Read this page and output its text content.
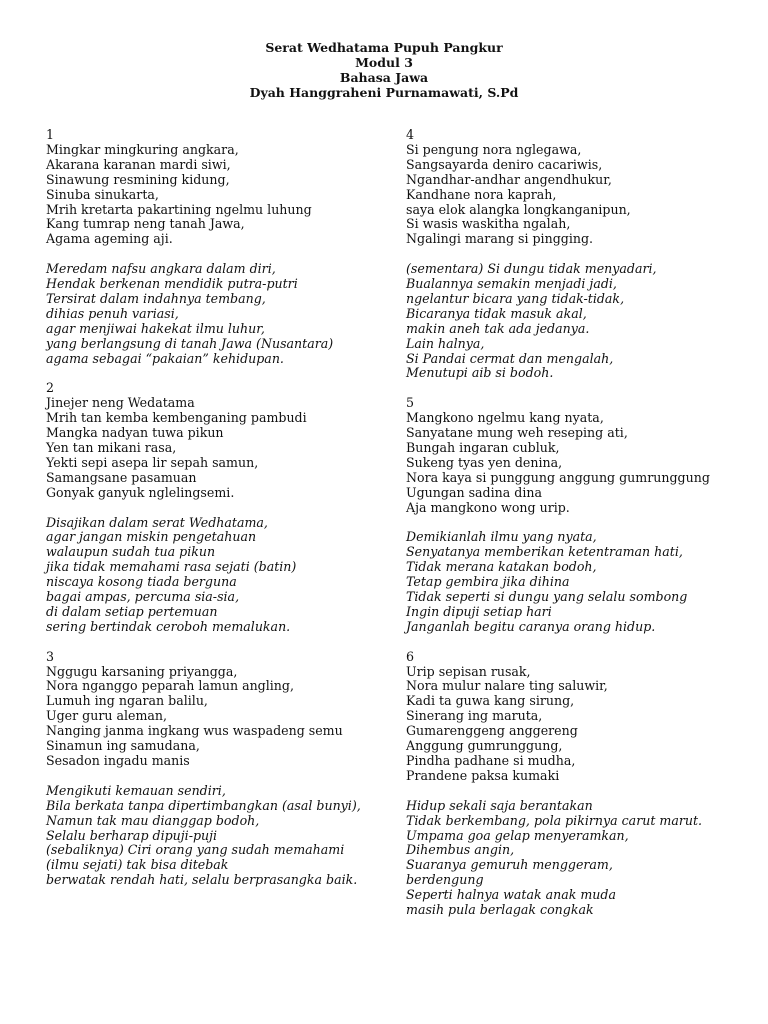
Serat Wedhatama Pupuh Pangkur
Modul 3
Bahasa Jawa
Dyah Hanggraheni Purnamawati, S.Pd
1
Mingkar mingkuring angkara,
Akarana karanan mardi siwi,
Sinawung resmining kidung,
Sinuba sinukarta,
Mrih kretarta pakartining ngelmu luhung
Kang tumrap neng tanah Jawa,
Agama ageming aji.
Meredam nafsu angkara dalam diri,
Hendak berkenan mendidik putra-putri
Tersirat dalam indahnya tembang,
dihias penuh variasi,
agar menjiwai hakekat ilmu luhur,
yang berlangsung di tanah Jawa (Nusantara)
agama sebagai “pakaian” kehidupan.
2
Jinejer neng Wedatama
Mrih tan kemba kembenganing pambudi
Mangka nadyan tuwa pikun
Yen tan mikani rasa,
Yekti sepi asepa lir sepah samun,
Samangsane pasamuan
Gonyak ganyuk nglelingsemi.
Disajikan dalam serat Wedhatama,
agar jangan miskin pengetahuan
walaupun sudah tua pikun
jika tidak memahami rasa sejati (batin)
niscaya kosong tiada berguna
bagai ampas, percuma sia-sia,
di dalam setiap pertemuan
sering bertindak ceroboh memalukan.
3
Nggugu karsaning priyangga,
Nora nganggo peparah lamun angling,
Lumuh ing ngaran balilu,
Uger guru aleman,
Nanging janma ingkang wus waspadeng semu
Sinamun ing samudana,
Sesadon ingadu manis
Mengikuti kemauan sendiri,
Bila berkata tanpa dipertimbangkan (asal bunyi),
Namun tak mau dianggap bodoh,
Selalu berharap dipuji-puji
(sebaliknya) Ciri orang yang sudah memahami
(ilmu sejati) tak bisa ditebak
berwatak rendah hati, selalu berprasangka baik.
4
Si pengung nora nglegawa,
Sangsayarda deniro cacariwis,
Ngandhar-andhar angendhukur,
Kandhane nora kaprah,
saya elok alangka longkanganipun,
Si wasis waskitha ngalah,
Ngalingi marang si pingging.
(sementara) Si dungu tidak menyadari,
Bualannya semakin menjadi jadi,
ngelantur bicara yang tidak-tidak,
Bicaranya tidak masuk akal,
makin aneh tak ada jedanya.
Lain halnya,
Si Pandai cermat dan mengalah,
Menutupi aib si bodoh.
5
Mangkono ngelmu kang nyata,
Sanyatane mung weh reseping ati,
Bungah ingaran cubluk,
Sukeng tyas yen denina,
Nora kaya si punggung anggung gumrunggung
Ugungan sadina dina
Aja mangkono wong urip.
Demikianlah ilmu yang nyata,
Senyatanya memberikan ketentraman hati,
Tidak merana katakan bodoh,
Tetap gembira jika dihina
Tidak seperti si dungu yang selalu sombong
Ingin dipuji setiap hari
Janganlah begitu caranya orang hidup.
6
Urip sepisan rusak,
Nora mulur nalare ting saluwir,
Kadi ta guwa kang sirung,
Sinerang ing maruta,
Gumarenggeng anggereng
Anggung gumrunggung,
Pindha padhane si mudha,
Prandene paksa kumaki
Hidup sekali saja berantakan
Tidak berkembang, pola pikirnya carut marut.
Umpama goa gelap menyeramkan,
Dihembus angin,
Suaranya gemuruh menggeram,
berdengung
Seperti halnya watak anak muda
masih pula berlagak congkak
